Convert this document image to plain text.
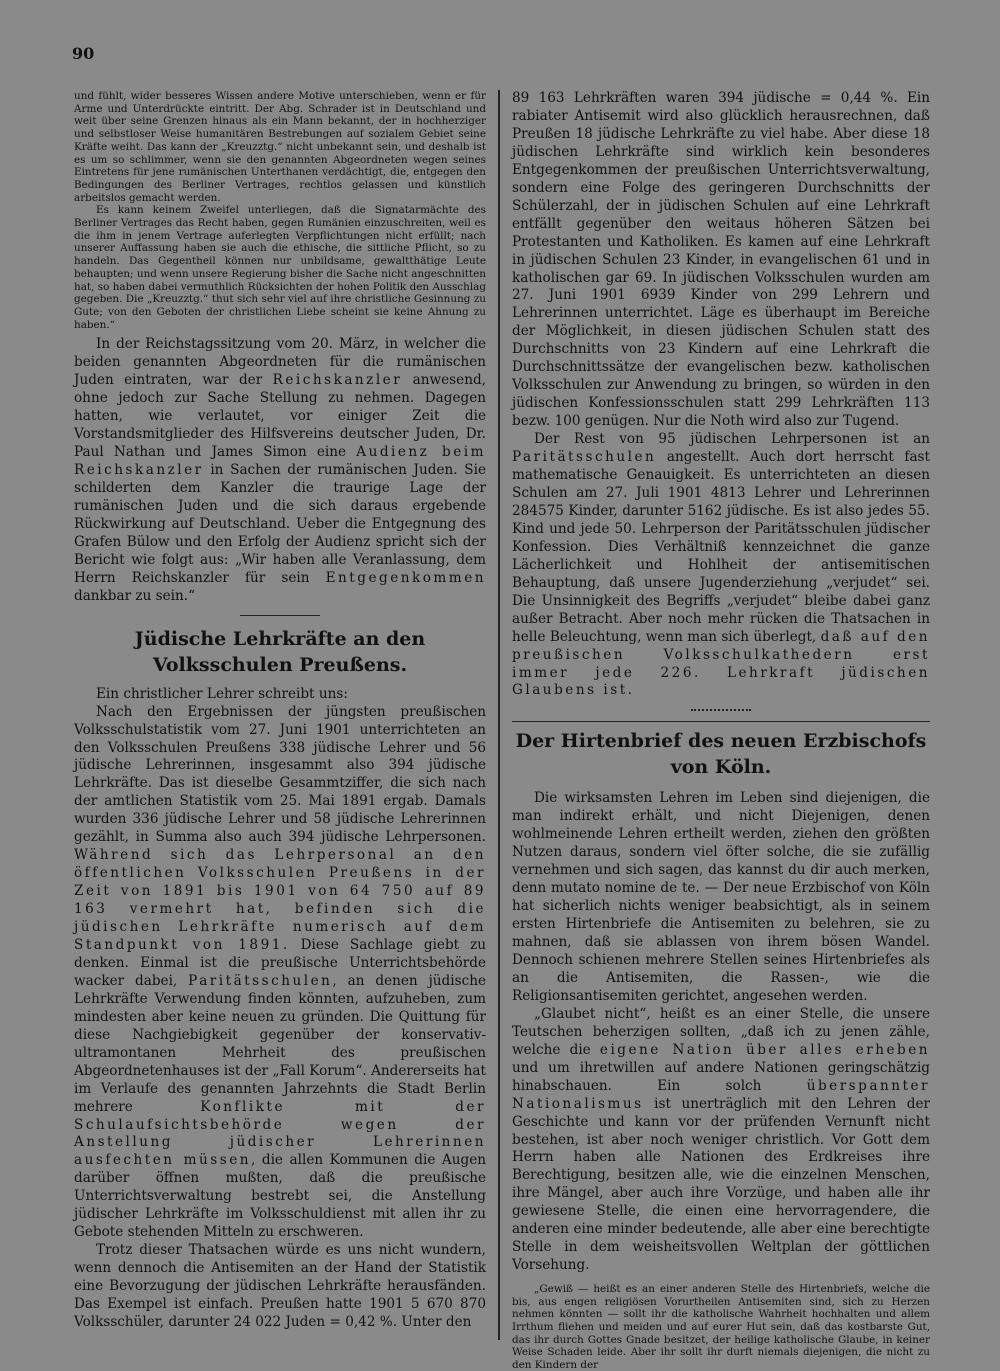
90

und fühlt, wider besseres Wissen andere Motive unterschieben, wenn er für Arme und Unterdrückte eintritt. Der Abg. Schrader ist in Deutschland und weit über seine Grenzen hinaus als ein Mann bekannt, der in hochherziger und selbstloser Weise humanitären Bestrebungen auf sozialem Gebiet seine Kräfte weiht. Das kann der „Kreuzztg.“ nicht unbekannt sein, und deshalb ist es um so schlimmer, wenn sie den genannten Abgeordneten wegen seines Eintretens für jene rumänischen Unterthanen verdächtigt, die, entgegen den Bedingungen des Berliner Vertrages, rechtlos gelassen und künstlich arbeitslos gemacht werden.

Es kann keinem Zweifel unterliegen, daß die Signatarmächte des Berliner Vertrages das Recht haben, gegen Rumänien einzuschreiten, weil es die ihm in jenem Vertrage auferlegten Verpflichtungen nicht erfüllt; nach unserer Auffassung haben sie auch die ethische, die sittliche Pflicht, so zu handeln. Das Gegentheil können nur unbildsame, gewaltthätige Leute behaupten; und wenn unsere Regierung bisher die Sache nicht angeschnitten hat, so haben dabei vermuthlich Rücksichten der hohen Politik den Ausschlag gegeben. Die „Kreuzztg.“ thut sich sehr viel auf ihre christliche Gesinnung zu Gute; von den Geboten der christlichen Liebe scheint sie keine Ahnung zu haben.“

In der Reichstagssitzung vom 20. März, in welcher die beiden genannten Abgeordneten für die rumänischen Juden eintraten, war der Reichskanzler anwesend, ohne jedoch zur Sache Stellung zu nehmen. Dagegen hatten, wie verlautet, vor einiger Zeit die Vorstandsmitglieder des Hilfsvereins deutscher Juden, Dr. Paul Nathan und James Simon eine Audienz beim Reichskanzler in Sachen der rumänischen Juden. Sie schilderten dem Kanzler die traurige Lage der rumänischen Juden und die sich daraus ergebende Rückwirkung auf Deutschland. Ueber die Entgegnung des Grafen Bülow und den Erfolg der Audienz spricht sich der Bericht wie folgt aus: „Wir haben alle Veranlassung, dem Herrn Reichskanzler für sein Entgegenkommen dankbar zu sein.“

Jüdische Lehrkräfte an den Volksschulen Preußens.

Ein christlicher Lehrer schreibt uns:

Nach den Ergebnissen der jüngsten preußischen Volksschulstatistik vom 27. Juni 1901 unterrichteten an den Volksschulen Preußens 338 jüdische Lehrer und 56 jüdische Lehrerinnen, insgesammt also 394 jüdische Lehrkräfte. Das ist dieselbe Gesammtziffer, die sich nach der amtlichen Statistik vom 25. Mai 1891 ergab. Damals wurden 336 jüdische Lehrer und 58 jüdische Lehrerinnen gezählt, in Summa also auch 394 jüdische Lehrpersonen. Während sich das Lehrpersonal an den öffentlichen Volksschulen Preußens in der Zeit von 1891 bis 1901 von 64 750 auf 89 163 vermehrt hat, befinden sich die jüdischen Lehrkräfte numerisch auf dem Standpunkt von 1891. Diese Sachlage giebt zu denken. Einmal ist die preußische Unterrichtsbehörde wacker dabei, Paritätsschulen, an denen jüdische Lehrkräfte Verwendung finden könnten, aufzuheben, zum mindesten aber keine neuen zu gründen. Die Quittung für diese Nachgiebigkeit gegenüber der konservativ-ultramontanen Mehrheit des preußischen Abgeordnetenhauses ist der „Fall Korum“. Andererseits hat im Verlaufe des genannten Jahrzehnts die Stadt Berlin mehrere Konflikte mit der Schulaufsichtsbehörde wegen der Anstellung jüdischer Lehrerinnen ausfechten müssen, die allen Kommunen die Augen darüber öffnen mußten, daß die preußische Unterrichtsverwaltung bestrebt sei, die Anstellung jüdischer Lehrkräfte im Volksschuldienst mit allen ihr zu Gebote stehenden Mitteln zu erschweren.

Trotz dieser Thatsachen würde es uns nicht wundern, wenn dennoch die Antisemiten an der Hand der Statistik eine Bevorzugung der jüdischen Lehrkräfte herausfänden. Das Exempel ist einfach. Preußen hatte 1901 5 670 870 Volksschüler, darunter 24 022 Juden = 0,42 %. Unter den

89 163 Lehrkräften waren 394 jüdische = 0,44 %. Ein rabiater Antisemit wird also glücklich herausrechnen, daß Preußen 18 jüdische Lehrkräfte zu viel habe. Aber diese 18 jüdischen Lehrkräfte sind wirklich kein besonderes Entgegenkommen der preußischen Unterrichtsverwaltung, sondern eine Folge des geringeren Durchschnitts der Schülerzahl, der in jüdischen Schulen auf eine Lehrkraft entfällt gegenüber den weitaus höheren Sätzen bei Protestanten und Katholiken. Es kamen auf eine Lehrkraft in jüdischen Schulen 23 Kinder, in evangelischen 61 und in katholischen gar 69. In jüdischen Volksschulen wurden am 27. Juni 1901 6939 Kinder von 299 Lehrern und Lehrerinnen unterrichtet. Läge es überhaupt im Bereiche der Möglichkeit, in diesen jüdischen Schulen statt des Durchschnitts von 23 Kindern auf eine Lehrkraft die Durchschnittssätze der evangelischen bezw. katholischen Volksschulen zur Anwendung zu bringen, so würden in den jüdischen Konfessionsschulen statt 299 Lehrkräften 113 bezw. 100 genügen. Nur die Noth wird also zur Tugend.

Der Rest von 95 jüdischen Lehrpersonen ist an Paritätsschulen angestellt. Auch dort herrscht fast mathematische Genauigkeit. Es unterrichteten an diesen Schulen am 27. Juli 1901 4813 Lehrer und Lehrerinnen 284575 Kinder, darunter 5162 jüdische. Es ist also jedes 55. Kind und jede 50. Lehrperson der Paritätsschulen jüdischer Konfession. Dies Verhältniß kennzeichnet die ganze Lächerlichkeit und Hohlheit der antisemitischen Behauptung, daß unsere Jugenderziehung „verjudet“ sei. Die Unsinnigkeit des Begriffs „verjudet“ bleibe dabei ganz außer Betracht. Aber noch mehr rücken die Thatsachen in helle Beleuchtung, wenn man sich überlegt, daß auf den preußischen Volksschulkathedern erst immer jede 226. Lehrkraft jüdischen Glaubens ist.

Der Hirtenbrief des neuen Erzbischofs von Köln.

Die wirksamsten Lehren im Leben sind diejenigen, die man indirekt erhält, und nicht Diejenigen, denen wohlmeinende Lehren ertheilt werden, ziehen den größten Nutzen daraus, sondern viel öfter solche, die sie zufällig vernehmen und sich sagen, das kannst du dir auch merken, denn mutato nomine de te. — Der neue Erzbischof von Köln hat sicherlich nichts weniger beabsichtigt, als in seinem ersten Hirtenbriefe die Antisemiten zu belehren, sie zu mahnen, daß sie ablassen von ihrem bösen Wandel. Dennoch schienen mehrere Stellen seines Hirtenbriefes als an die Antisemiten, die Rassen-, wie die Religionsantisemiten gerichtet, angesehen werden.

„Glaubet nicht“, heißt es an einer Stelle, die unsere Teutschen beherzigen sollten, „daß ich zu jenen zähle, welche die eigene Nation über alles erheben und um ihretwillen auf andere Nationen geringschätzig hinabschauen. Ein solch überspannter Nationalismus ist unerträglich mit den Lehren der Geschichte und kann vor der prüfenden Vernunft nicht bestehen, ist aber noch weniger christlich. Vor Gott dem Herrn haben alle Nationen des Erdkreises ihre Berechtigung, besitzen alle, wie die einzelnen Menschen, ihre Mängel, aber auch ihre Vorzüge, und haben alle ihr gewiesene Stelle, die einen eine hervorragendere, die anderen eine minder bedeutende, alle aber eine berechtigte Stelle in dem weisheitsvollen Weltplan der göttlichen Vorsehung.

„Gewiß — heißt es an einer anderen Stelle des Hirtenbriefs, welche die bis, aus engen religiösen Vorurtheilen Antisemiten sind, sich zu Herzen nehmen könnten — sollt ihr die katholische Wahrheit hochhalten und allem Irrthum fliehen und meiden und auf eurer Hut sein, daß das kostbarste Gut, das ihr durch Gottes Gnade besitzet, der heilige katholische Glaube, in keiner Weise Schaden leide. Aber ihr sollt ihr durft niemals diejenigen, die nicht zu den Kindern der
